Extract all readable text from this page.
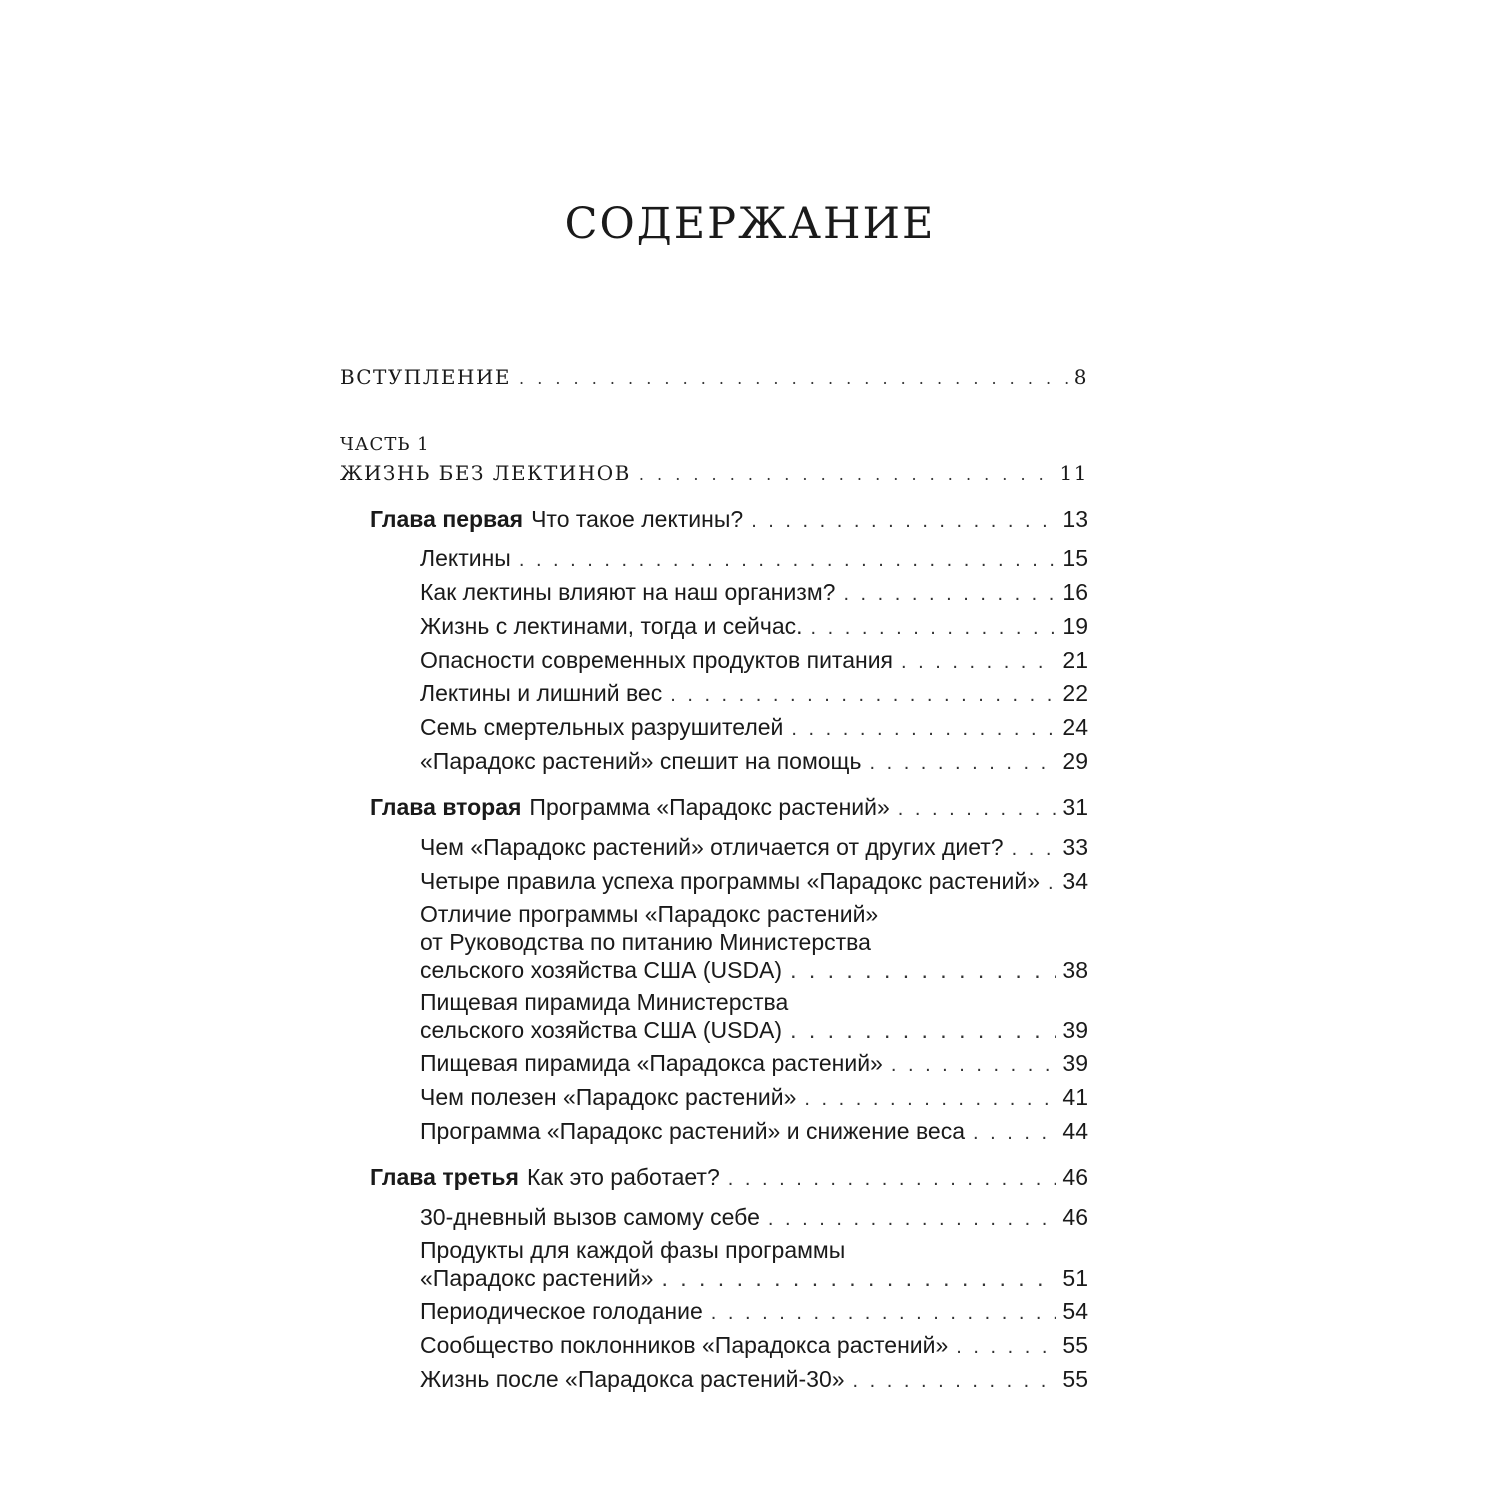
СОДЕРЖАНИЕ
ВСТУПЛЕНИЕ . . .	8
ЧАСТЬ 1
ЖИЗНЬ БЕЗ ЛЕКТИНОВ . . .	11
Глава первая Что такое лектины? . . .	13
Лектины . . .	15
Как лектины влияют на наш организм? . . .	16
Жизнь с лектинами, тогда и сейчас. . . .	19
Опасности современных продуктов питания . . .	21
Лектины и лишний вес . . .	22
Семь смертельных разрушителей . . .	24
«Парадокс растений» спешит на помощь . . .	29
Глава вторая Программа «Парадокс растений» . . .	31
Чем «Парадокс растений» отличается от других диет? . . .	33
Четыре правила успеха программы «Парадокс растений» . . . 34
Отличие программы «Парадокс растений»
от Руководства по питанию Министерства
сельского хозяйства США (USDA) . . .	38
Пищевая пирамида Министерства
сельского хозяйства США (USDA) . . .	39
Пищевая пирамида «Парадокса растений» . . .	39
Чем полезен «Парадокс растений» . . .	41
Программа «Парадокс растений» и снижение веса . . .	44
Глава третья Как это работает? . . .	46
30-дневный вызов самому себе . . .	46
Продукты для каждой фазы программы
«Парадокс растений» . . .	51
Периодическое голодание . . .	54
Сообщество поклонников «Парадокса растений» . . .	55
Жизнь после «Парадокса растений-30» . . .	55
